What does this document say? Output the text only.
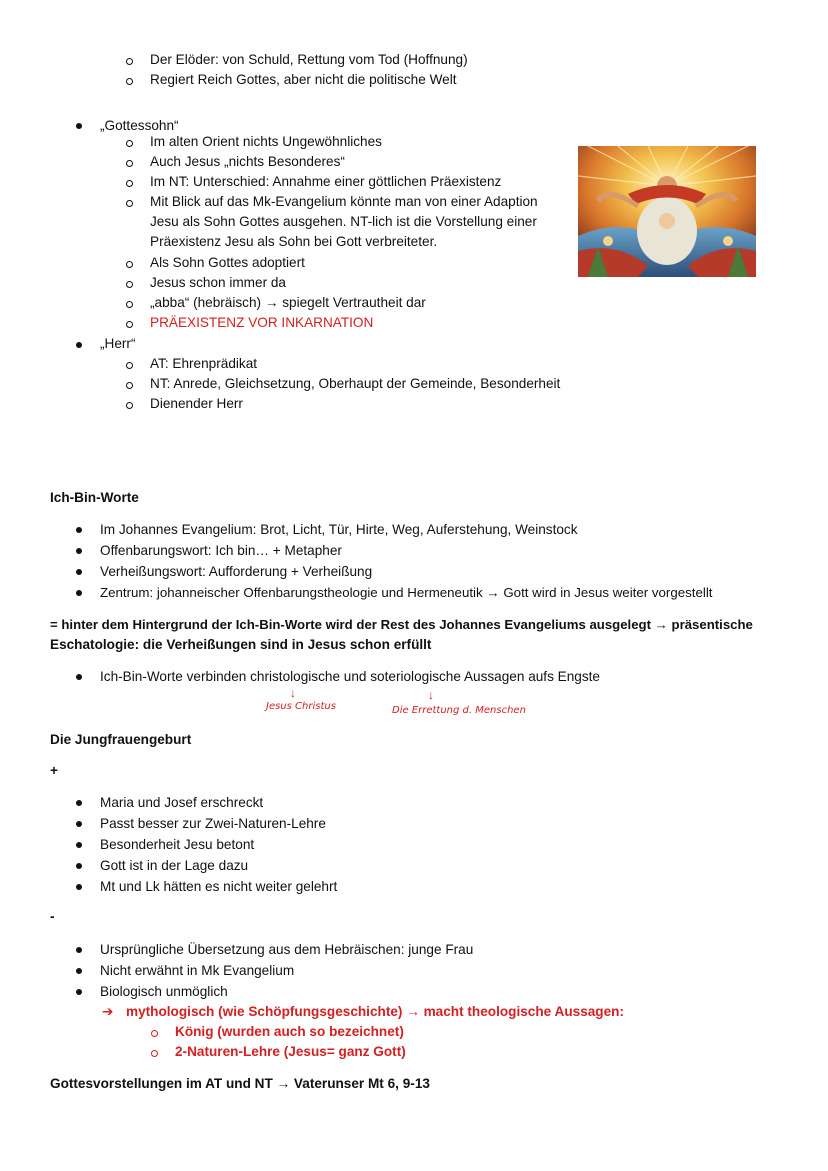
Der Elöder: von Schuld, Rettung vom Tod (Hoffnung)
Regiert Reich Gottes, aber nicht die politische Welt
„Gottessohn“
Im alten Orient nichts Ungewöhnliches
Auch Jesus „nichts Besonderes“
Im NT: Unterschied: Annahme einer göttlichen Präexistenz
Mit Blick auf das Mk-Evangelium könnte man von einer Adaption
Jesu als Sohn Gottes ausgehen. NT-lich ist die Vorstellung einer
Präexistenz Jesu als Sohn bei Gott verbreiteter.
Als Sohn Gottes adoptiert
Jesus schon immer da
„abba“ (hebräisch) → spiegelt Vertrautheit dar
PRÄEXISTENZ VOR INKARNATION
„Herr“
AT: Ehrenprädikat
NT: Anrede, Gleichsetzung, Oberhaupt der Gemeinde, Besonderheit
Dienender Herr
Ich-Bin-Worte
Im Johannes Evangelium: Brot, Licht, Tür, Hirte, Weg, Auferstehung, Weinstock
Offenbarungswort: Ich bin… + Metapher
Verheißungswort: Aufforderung + Verheißung
Zentrum: johanneischer Offenbarungstheologie und Hermeneutik → Gott wird in Jesus weiter vorgestellt
= hinter dem Hintergrund der Ich-Bin-Worte wird der Rest des Johannes Evangeliums ausgelegt → präsentische
Eschatologie: die Verheißungen sind in Jesus schon erfüllt
Ich-Bin-Worte verbinden christologische und soteriologische Aussagen aufs Engste
↓	↓
Jesus Christus	Die Errettung d. Menschen
Die Jungfrauengeburt
+
Maria und Josef erschreckt
Passt besser zur Zwei-Naturen-Lehre
Besonderheit Jesu betont
Gott ist in der Lage dazu
Mt und Lk hätten es nicht weiter gelehrt
-
Ursprüngliche Übersetzung aus dem Hebräischen: junge Frau
Nicht erwähnt in Mk Evangelium
Biologisch unmöglich
➔ mythologisch (wie Schöpfungsgeschichte) → macht theologische Aussagen:
König (wurden auch so bezeichnet)
2-Naturen-Lehre (Jesus= ganz Gott)
Gottesvorstellungen im AT und NT → Vaterunser Mt 6, 9-13
